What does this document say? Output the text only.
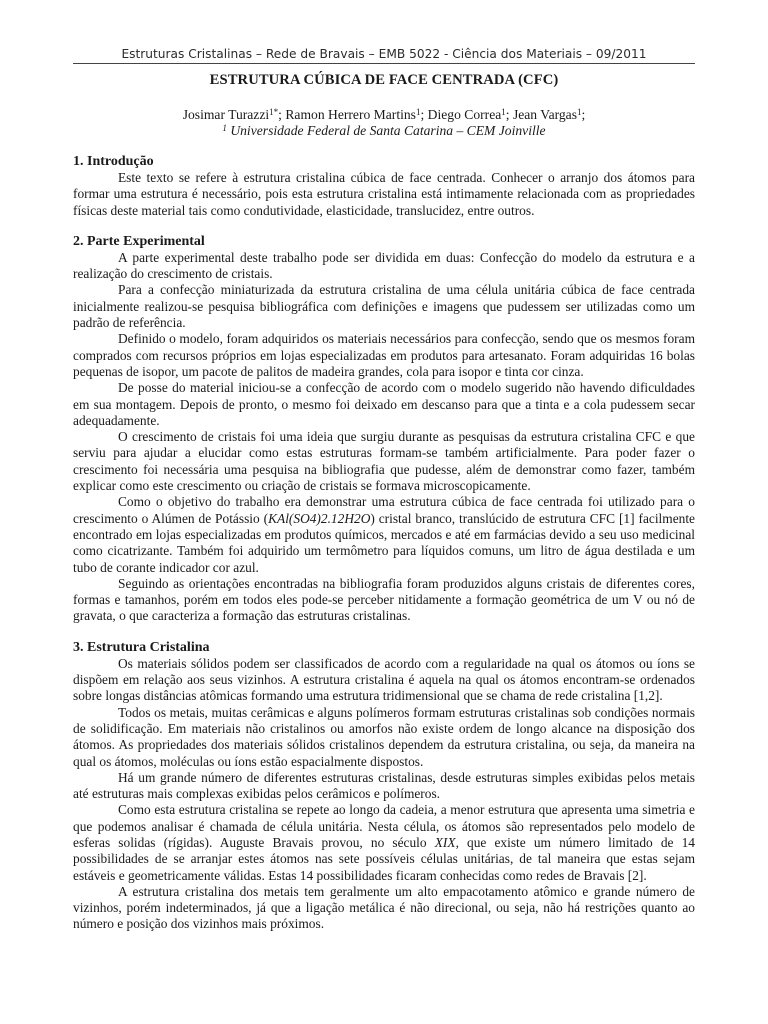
Estruturas Cristalinas – Rede de Bravais – EMB 5022 - Ciência dos Materiais – 09/2011
ESTRUTURA CÚBICA DE FACE CENTRADA (CFC)
Josimar Turazzi$^{1*}$; Ramon Herrero Martins$^1$; Diego Correa$^1$; Jean Vargas$^1$;
$^1$ Universidade Federal de Santa Catarina – CEM Joinville
1. Introdução

Este texto se refere à estrutura cristalina cúbica de face centrada. Conhecer o arranjo dos átomos para formar uma estrutura é necessário, pois esta estrutura cristalina está intimamente relacionada com as propriedades físicas deste material tais como condutividade, elasticidade, translucidez, entre outros.

2. Parte Experimental

A parte experimental deste trabalho pode ser dividida em duas: Confecção do modelo da estrutura e a realização do crescimento de cristais.

Para a confecção miniaturizada da estrutura cristalina de uma célula unitária cúbica de face centrada inicialmente realizou-se pesquisa bibliográfica com definições e imagens que pudessem ser utilizadas como um padrão de referência.

Definido o modelo, foram adquiridos os materiais necessários para confecção, sendo que os mesmos foram comprados com recursos próprios em lojas especializadas em produtos para artesanato. Foram adquiridas 16 bolas pequenas de isopor, um pacote de palitos de madeira grandes, cola para isopor e tinta cor cinza.

De posse do material iniciou-se a confecção de acordo com o modelo sugerido não havendo dificuldades em sua montagem. Depois de pronto, o mesmo foi deixado em descanso para que a tinta e a cola pudessem secar adequadamente.

O crescimento de cristais foi uma ideia que surgiu durante as pesquisas da estrutura cristalina CFC e que serviu para ajudar a elucidar como estas estruturas formam-se também artificialmente. Para poder fazer o crescimento foi necessária uma pesquisa na bibliografia que pudesse, além de demonstrar como fazer, também explicar como este crescimento ou criação de cristais se formava microscopicamente.

Como o objetivo do trabalho era demonstrar uma estrutura cúbica de face centrada foi utilizado para o crescimento o Alúmen de Potássio (KAl(SO4)2.12H2O) cristal branco, translúcido de estrutura CFC [1] facilmente encontrado em lojas especializadas em produtos químicos, mercados e até em farmácias devido a seu uso medicinal como cicatrizante. Também foi adquirido um termômetro para líquidos comuns, um litro de água destilada e um tubo de corante indicador cor azul.

Seguindo as orientações encontradas na bibliografia foram produzidos alguns cristais de diferentes cores, formas e tamanhos, porém em todos eles pode-se perceber nitidamente a formação geométrica de um V ou nó de gravata, o que caracteriza a formação das estruturas cristalinas.

3. Estrutura Cristalina

Os materiais sólidos podem ser classificados de acordo com a regularidade na qual os átomos ou íons se dispõem em relação aos seus vizinhos. A estrutura cristalina é aquela na qual os átomos encontram-se ordenados sobre longas distâncias atômicas formando uma estrutura tridimensional que se chama de rede cristalina [1,2].

Todos os metais, muitas cerâmicas e alguns polímeros formam estruturas cristalinas sob condições normais de solidificação. Em materiais não cristalinos ou amorfos não existe ordem de longo alcance na disposição dos átomos. As propriedades dos materiais sólidos cristalinos dependem da estrutura cristalina, ou seja, da maneira na qual os átomos, moléculas ou íons estão espacialmente dispostos.

Há um grande número de diferentes estruturas cristalinas, desde estruturas simples exibidas pelos metais até estruturas mais complexas exibidas pelos cerâmicos e polímeros.

Como esta estrutura cristalina se repete ao longo da cadeia, a menor estrutura que apresenta uma simetria e que podemos analisar é chamada de célula unitária. Nesta célula, os átomos são representados pelo modelo de esferas solidas (rígidas). Auguste Bravais provou, no século XIX, que existe um número limitado de 14 possibilidades de se arranjar estes átomos nas sete possíveis células unitárias, de tal maneira que estas sejam estáveis e geometricamente válidas. Estas 14 possibilidades ficaram conhecidas como redes de Bravais [2].

A estrutura cristalina dos metais tem geralmente um alto empacotamento atômico e grande número de vizinhos, porém indeterminados, já que a ligação metálica é não direcional, ou seja, não há restrições quanto ao número e posição dos vizinhos mais próximos.
